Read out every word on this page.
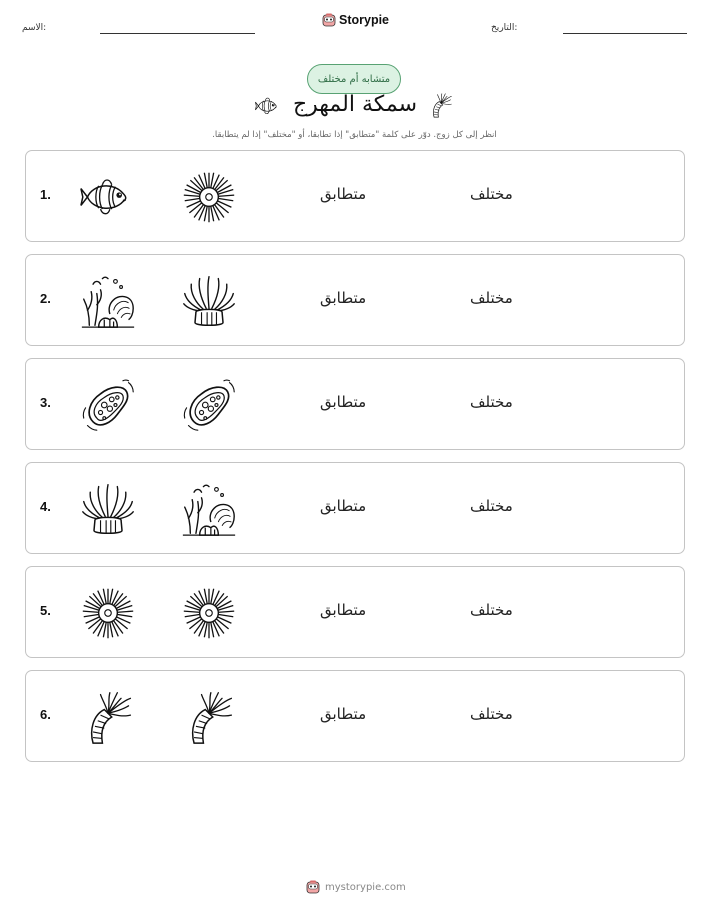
الاسم:
Storypie
التاريخ:
متشابه أم مختلف
سمكة المهرج
انظر إلى كل زوج. دوّر على كلمة "متطابق" إذا تطابقا، أو "مختلف" إذا لم يتطابقا.
1.	متطابق	مختلف
2.	متطابق	مختلف
3.	متطابق	مختلف
4.	متطابق	مختلف
5.	متطابق	مختلف
6.	متطابق	مختلف
mystorypie.com
